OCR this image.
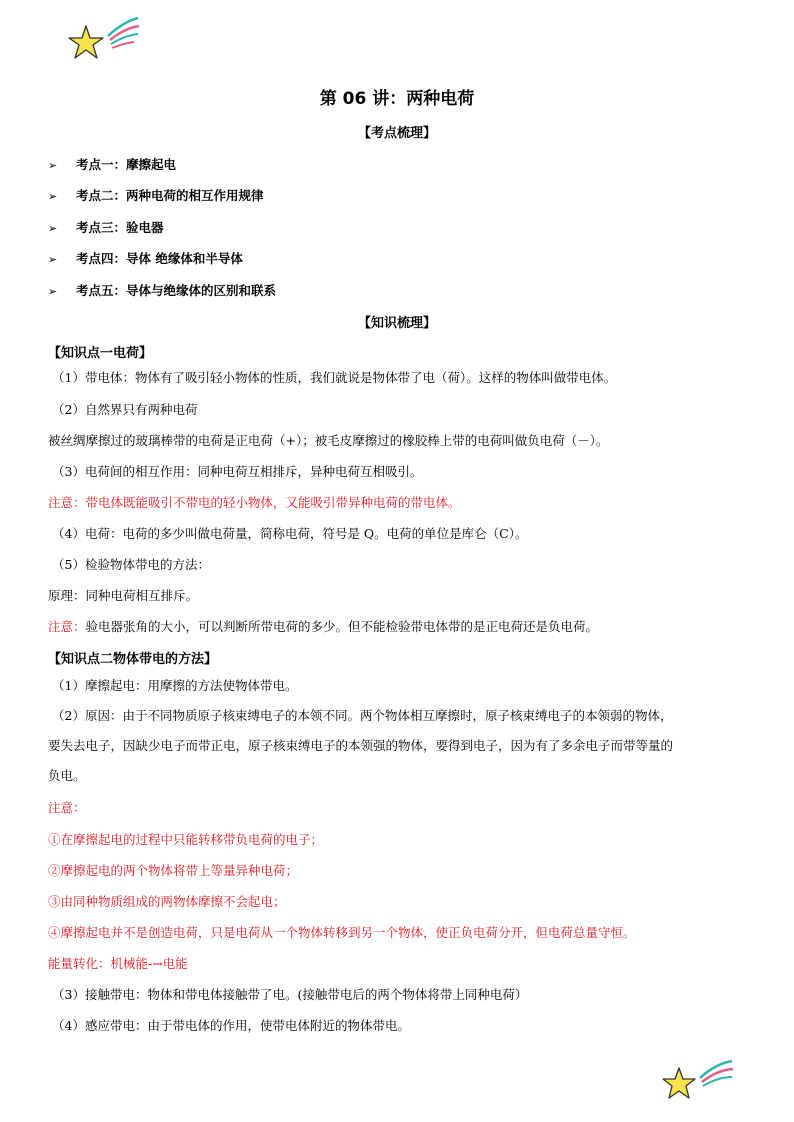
第 06 讲：两种电荷
【考点梳理】
➢ 考点一：摩擦起电
➢ 考点二：两种电荷的相互作用规律
➢ 考点三：验电器
➢ 考点四：导体 绝缘体和半导体
➢ 考点五：导体与绝缘体的区别和联系
【知识梳理】
【知识点一电荷】
（1）带电体：物体有了吸引轻小物体的性质，我们就说是物体带了电（荷）。这样的物体叫做带电体。
（2）自然界只有两种电荷
被丝绸摩擦过的玻璃棒带的电荷是正电荷（+）；被毛皮摩擦过的橡胶棒上带的电荷叫做负电荷（－）。
（3）电荷间的相互作用：同种电荷互相排斥，异种电荷互相吸引。
注意：带电体既能吸引不带电的轻小物体，又能吸引带异种电荷的带电体。
（4）电荷：电荷的多少叫做电荷量，简称电荷，符号是 Q。电荷的单位是库仑（C）。
（5）检验物体带电的方法：
原理：同种电荷相互排斥。
注意：验电器张角的大小，可以判断所带电荷的多少。但不能检验带电体带的是正电荷还是负电荷。
【知识点二物体带电的方法】
（1）摩擦起电：用摩擦的方法使物体带电。
（2）原因：由于不同物质原子核束缚电子的本领不同。两个物体相互摩擦时，原子核束缚电子的本领弱的物体，
要失去电子，因缺少电子而带正电，原子核束缚电子的本领强的物体，要得到电子，因为有了多余电子而带等量的
负电。
注意：
①在摩擦起电的过程中只能转移带负电荷的电子；
②摩擦起电的两个物体将带上等量异种电荷；
③由同种物质组成的两物体摩擦不会起电；
④摩擦起电并不是创造电荷，只是电荷从一个物体转移到另一个物体，使正负电荷分开，但电荷总量守恒。
能量转化：机械能-→电能
（3）接触带电：物体和带电体接触带了电。(接触带电后的两个物体将带上同种电荷）
（4）感应带电：由于带电体的作用，使带电体附近的物体带电。
